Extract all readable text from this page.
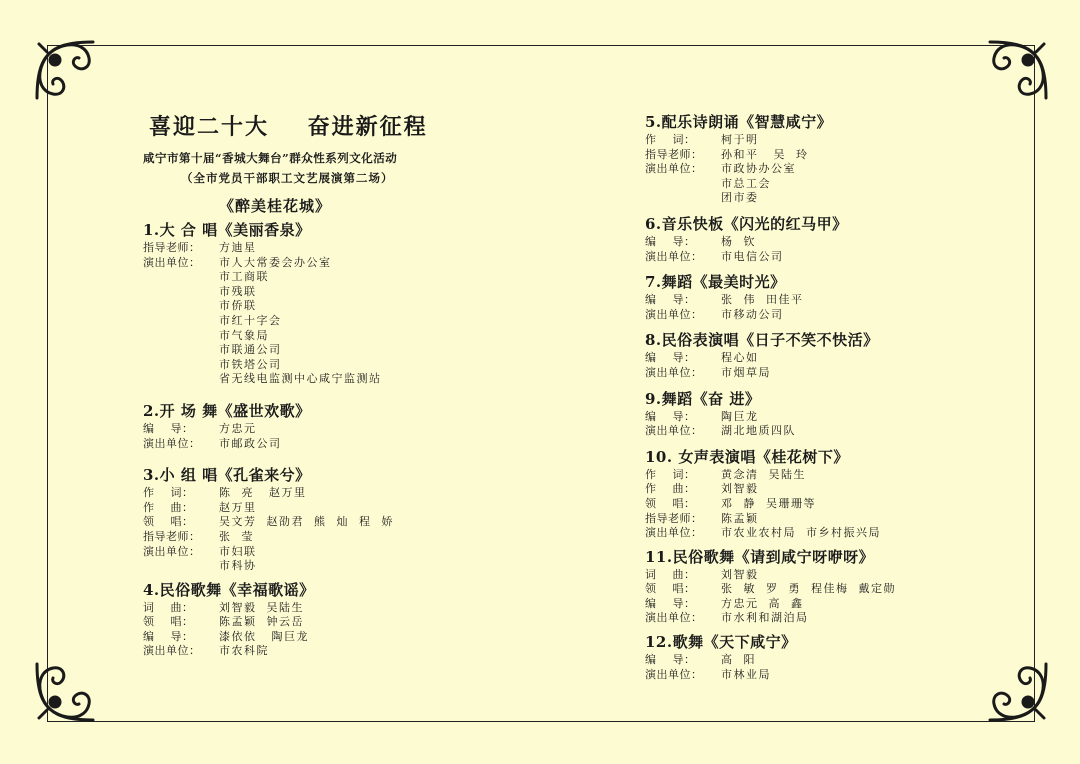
喜迎二十大    奋进新征程
咸宁市第十届“香城大舞台”群众性系列文化活动
（全市党员干部职工文艺展演第二场）
《醉美桂花城》
1.大 合 唱《美丽香泉》
指导老师：	方迪星
演出单位：	市人大常委会办公室
市工商联
市残联
市侨联
市红十字会
市气象局
市联通公司
市铁塔公司
省无线电监测中心咸宁监测站
2.开 场 舞《盛世欢歌》
编    导：	方忠元
演出单位：	市邮政公司
3.小 组 唱《孔雀来兮》
作    词：	陈  亮   赵万里
作    曲：	赵万里
领    唱：	吴文芳  赵劭君  熊  灿  程  娇
指导老师：	张  莹
演出单位：	市妇联
市科协
4.民俗歌舞《幸福歌谣》
词    曲：	刘智毅  吴陆生
领    唱：	陈孟颖  钟云岳
编    导：	漆依依   陶巨龙
演出单位：	市农科院
5.配乐诗朗诵《智慧咸宁》
作    词：	柯于明
指导老师：	孙和平   吴  玲
演出单位：	市政协办公室
市总工会
团市委
6.音乐快板《闪光的红马甲》
编    导：	杨  钦
演出单位：	市电信公司
7.舞蹈《最美时光》
编    导：	张  伟  田佳平
演出单位：	市移动公司
8.民俗表演唱《日子不笑不快活》
编    导：	程心如
演出单位：	市烟草局
9.舞蹈《奋 进》
编    导：	陶巨龙
演出单位：	湖北地质四队
10. 女声表演唱《桂花树下》
作    词：	黄念清  吴陆生
作    曲：	刘智毅
领    唱：	邓  静  吴珊珊等
指导老师：	陈孟颖
演出单位：	市农业农村局  市乡村振兴局
11.民俗歌舞《请到咸宁呀咿呀》
词    曲：	刘智毅
领    唱：	张  敏  罗  勇  程佳梅  戴定勋
编    导：	方忠元  高  鑫
演出单位：	市水利和湖泊局
12.歌舞《天下咸宁》
编    导：	高  阳
演出单位：	市林业局
